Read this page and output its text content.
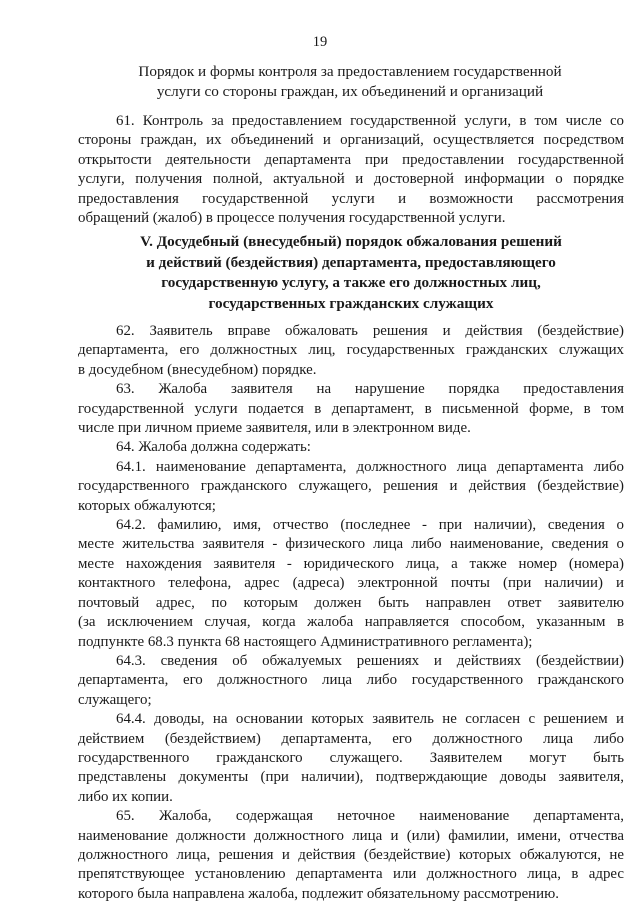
19
Порядок и формы контроля за предоставлением государственной
услуги со стороны граждан, их объединений и организаций
61. Контроль за предоставлением государственной услуги, в том числе со
стороны граждан, их объединений и организаций, осуществляется посредством
открытости деятельности департамента при предоставлении государственной
услуги, получения полной, актуальной и достоверной информации о порядке
предоставления государственной услуги и возможности рассмотрения
обращений (жалоб) в процессе получения государственной услуги.
V. Досудебный (внесудебный) порядок обжалования решений
и действий (бездействия) департамента, предоставляющего
государственную услугу, а также его должностных лиц,
государственных гражданских служащих
62. Заявитель вправе обжаловать решения и действия (бездействие)
департамента, его должностных лиц, государственных гражданских служащих
в досудебном (внесудебном) порядке.
63. Жалоба заявителя на нарушение порядка предоставления
государственной услуги подается в департамент, в письменной форме, в том
числе при личном приеме заявителя, или в электронном виде.
64. Жалоба должна содержать:
64.1. наименование департамента, должностного лица департамента либо
государственного гражданского служащего, решения и действия (бездействие)
которых обжалуются;
64.2. фамилию, имя, отчество (последнее - при наличии), сведения о
месте жительства заявителя - физического лица либо наименование, сведения о
месте нахождения заявителя - юридического лица, а также номер (номера)
контактного телефона, адрес (адреса) электронной почты (при наличии) и
почтовый адрес, по которым должен быть направлен ответ заявителю
(за исключением случая, когда жалоба направляется способом, указанным в
подпункте 68.3 пункта 68 настоящего Административного регламента);
64.3. сведения об обжалуемых решениях и действиях (бездействии)
департамента, его должностного лица либо государственного гражданского
служащего;
64.4. доводы, на основании которых заявитель не согласен с решением и
действием (бездействием) департамента, его должностного лица либо
государственного гражданского служащего. Заявителем могут быть
представлены документы (при наличии), подтверждающие доводы заявителя,
либо их копии.
65. Жалоба, содержащая неточное наименование департамента,
наименование должности должностного лица и (или) фамилии, имени, отчества
должностного лица, решения и действия (бездействие) которых обжалуются, не
препятствующее установлению департамента или должностного лица, в адрес
которого была направлена жалоба, подлежит обязательному рассмотрению.
